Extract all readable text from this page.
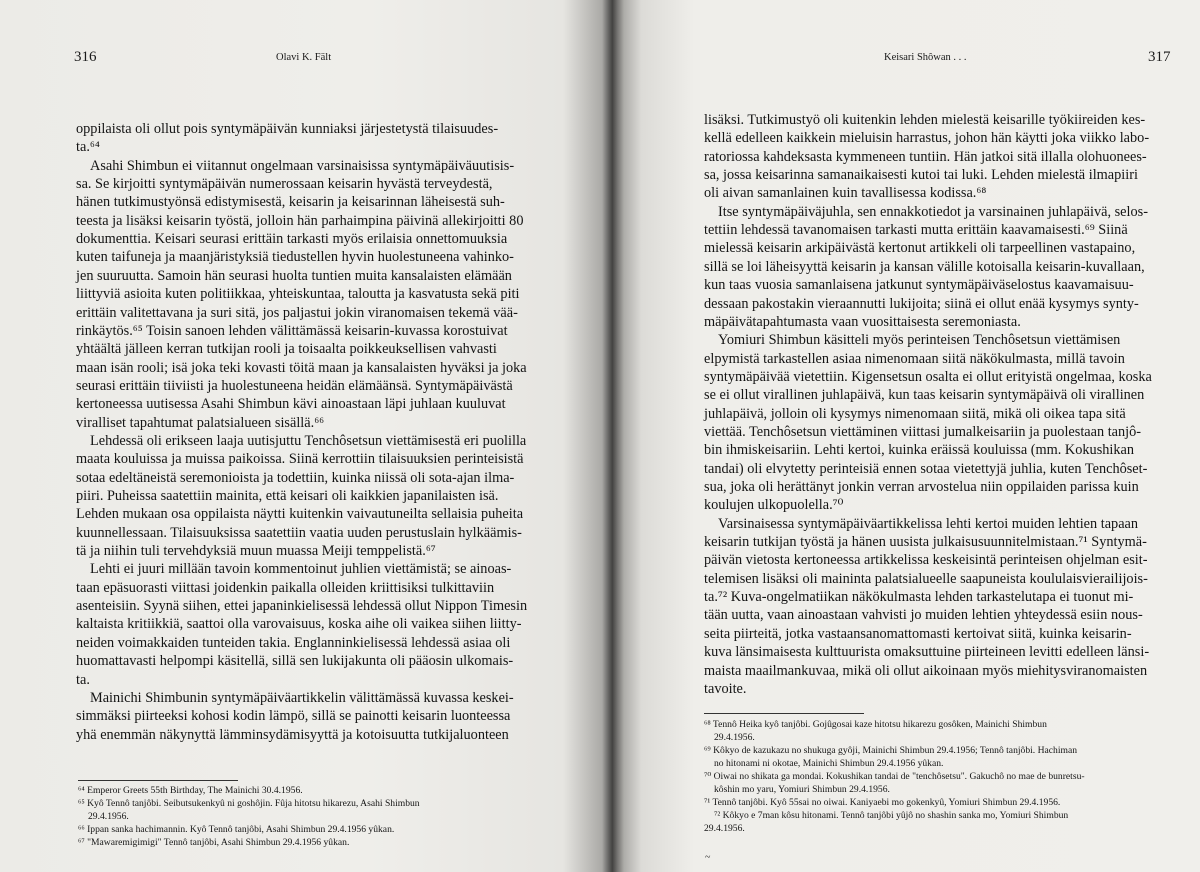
316	Olavi K. Fält
oppilaista oli ollut pois syntymäpäivän kunniaksi järjestetystä tilaisuudes-
ta.⁶⁴
Asahi Shimbun ei viitannut ongelmaan varsinaisissa syntymäpäiväuutisis-
sa. Se kirjoitti syntymäpäivän numerossaan keisarin hyvästä terveydestä,
hänen tutkimustyönsä edistymisestä, keisarin ja keisarinnan läheisestä suh-
teesta ja lisäksi keisarin työstä, jolloin hän parhaimpina päivinä allekirjoitti 80
dokumenttia. Keisari seurasi erittäin tarkasti myös erilaisia onnettomuuksia
kuten taifuneja ja maanjäristyksiä tiedustellen hyvin huolestuneena vahinko-
jen suuruutta. Samoin hän seurasi huolta tuntien muita kansalaisten elämään
liittyviä asioita kuten politiikkaa, yhteiskuntaa, taloutta ja kasvatusta sekä piti
erittäin valitettavana ja suri sitä, jos paljastui jokin viranomaisen tekemä vää-
rinkäytös.⁶⁵ Toisin sanoen lehden välittämässä keisarin-kuvassa korostuivat
yhtäältä jälleen kerran tutkijan rooli ja toisaalta poikkeuksellisen vahvasti
maan isän rooli; isä joka teki kovasti töitä maan ja kansalaisten hyväksi ja joka
seurasi erittäin tiiviisti ja huolestuneena heidän elämäänsä. Syntymäpäivästä
kertoneessa uutisessa Asahi Shimbun kävi ainoastaan läpi juhlaan kuuluvat
viralliset tapahtumat palatsialueen sisällä.⁶⁶
Lehdessä oli erikseen laaja uutisjuttu Tenchôsetsun viettämisestä eri puolilla
maata kouluissa ja muissa paikoissa. Siinä kerrottiin tilaisuuksien perinteisistä
sotaa edeltäneistä seremonioista ja todettiin, kuinka niissä oli sota-ajan ilma-
piiri. Puheissa saatettiin mainita, että keisari oli kaikkien japanilaisten isä.
Lehden mukaan osa oppilaista näytti kuitenkin vaivautuneilta sellaisia puheita
kuunnellessaan. Tilaisuuksissa saatettiin vaatia uuden perustuslain hylkäämis-
tä ja niihin tuli tervehdyksiä muun muassa Meiji temppelistä.⁶⁷
Lehti ei juuri millään tavoin kommentoinut juhlien viettämistä; se ainoas-
taan epäsuorasti viittasi joidenkin paikalla olleiden kriittisiksi tulkittaviin
asenteisiin. Syynä siihen, ettei japaninkielisessä lehdessä ollut Nippon Timesin
kaltaista kritiikkiä, saattoi olla varovaisuus, koska aihe oli vaikea siihen liitty-
neiden voimakkaiden tunteiden takia. Englanninkielisessä lehdessä asiaa oli
huomattavasti helpompi käsitellä, sillä sen lukijakunta oli pääosin ulkomais-
ta.
Mainichi Shimbunin syntymäpäiväartikkelin välittämässä kuvassa keskei-
simmäksi piirteeksi kohosi kodin lämpö, sillä se painotti keisarin luonteessa
yhä enemmän näkynyttä lämminsydämisyyttä ja kotoisuutta tutkijaluonteen
⁶⁴ Emperor Greets 55th Birthday, The Mainichi 30.4.1956.
⁶⁵ Kyô Tennô tanjôbi. Seibutsukenkyû ni goshôjin. Fûja hitotsu hikarezu, Asahi Shimbun
29.4.1956.
⁶⁶ Ippan sanka hachimannin. Kyô Tennô tanjôbi, Asahi Shimbun 29.4.1956 yûkan.
⁶⁷ "Mawaremigimigi" Tennô tanjôbi, Asahi Shimbun 29.4.1956 yûkan.
Keisari Shôwan . . .	317
lisäksi. Tutkimustyö oli kuitenkin lehden mielestä keisarille työkiireiden kes-
kellä edelleen kaikkein mieluisin harrastus, johon hän käytti joka viikko labo-
ratoriossa kahdeksasta kymmeneen tuntiin. Hän jatkoi sitä illalla olohuonees-
sa, jossa keisarinna samanaikaisesti kutoi tai luki. Lehden mielestä ilmapiiri
oli aivan samanlainen kuin tavallisessa kodissa.⁶⁸
Itse syntymäpäiväjuhla, sen ennakkotiedot ja varsinainen juhlapäivä, selos-
tettiin lehdessä tavanomaisen tarkasti mutta erittäin kaavamaisesti.⁶⁹ Siinä
mielessä keisarin arkipäivästä kertonut artikkeli oli tarpeellinen vastapaino,
sillä se loi läheisyyttä keisarin ja kansan välille kotoisalla keisarin-kuvallaan,
kun taas vuosia samanlaisena jatkunut syntymäpäiväselostus kaavamaisuu-
dessaan pakostakin vieraannutti lukijoita; siinä ei ollut enää kysymys synty-
mäpäivätapahtumasta vaan vuosittaisesta seremoniasta.
Yomiuri Shimbun käsitteli myös perinteisen Tenchôsetsun viettämisen
elpymistä tarkastellen asiaa nimenomaan siitä näkökulmasta, millä tavoin
syntymäpäivää vietettiin. Kigensetsun osalta ei ollut erityistä ongelmaa, koska
se ei ollut virallinen juhlapäivä, kun taas keisarin syntymäpäivä oli virallinen
juhlapäivä, jolloin oli kysymys nimenomaan siitä, mikä oli oikea tapa sitä
viettää. Tenchôsetsun viettäminen viittasi jumalkeisariin ja puolestaan tanjô-
bin ihmiskeisariin. Lehti kertoi, kuinka eräissä kouluissa (mm. Kokushikan
tandai) oli elvytetty perinteisiä ennen sotaa vietettyjä juhlia, kuten Tenchôset-
sua, joka oli herättänyt jonkin verran arvostelua niin oppilaiden parissa kuin
koulujen ulkopuolella.⁷⁰
Varsinaisessa syntymäpäiväartikkelissa lehti kertoi muiden lehtien tapaan
keisarin tutkijan työstä ja hänen uusista julkaisusuunnitelmistaan.⁷¹ Syntymä-
päivän vietosta kertoneessa artikkelissa keskeisintä perinteisen ohjelman esit-
telemisen lisäksi oli maininta palatsialueelle saapuneista koululaisvierailijois-
ta.⁷² Kuva-ongelmatiikan näkökulmasta lehden tarkastelutapa ei tuonut mi-
tään uutta, vaan ainoastaan vahvisti jo muiden lehtien yhteydessä esiin nous-
seita piirteitä, jotka vastaansanomattomasti kertoivat siitä, kuinka keisarin-
kuva länsimaisesta kulttuurista omaksuttuine piirteineen levitti edelleen länsi-
maista maailmankuvaa, mikä oli ollut aikoinaan myös miehitysviranomaisten
tavoite.
⁶⁸ Tennô Heika kyô tanjôbi. Gojûgosai kaze hitotsu hikarezu gosôken, Mainichi Shimbun
29.4.1956.
⁶⁹ Kôkyo de kazukazu no shukuga gyôji, Mainichi Shimbun 29.4.1956; Tennô tanjôbi. Hachiman
no hitonami ni okotae, Mainichi Shimbun 29.4.1956 yûkan.
⁷⁰ Oiwai no shikata ga mondai. Kokushikan tandai de "tenchôsetsu". Gakuchô no mae de bunretsu-
kôshin mo yaru, Yomiuri Shimbun 29.4.1956.
⁷¹ Tennô tanjôbi. Kyô 55sai no oiwai. Kaniyaebi mo gokenkyû, Yomiuri Shimbun 29.4.1956.
⁷² Kôkyo e 7man kôsu hitonami. Tennô tanjôbi yûjô no shashin sanka mo, Yomiuri Shimbun
29.4.1956.
~
